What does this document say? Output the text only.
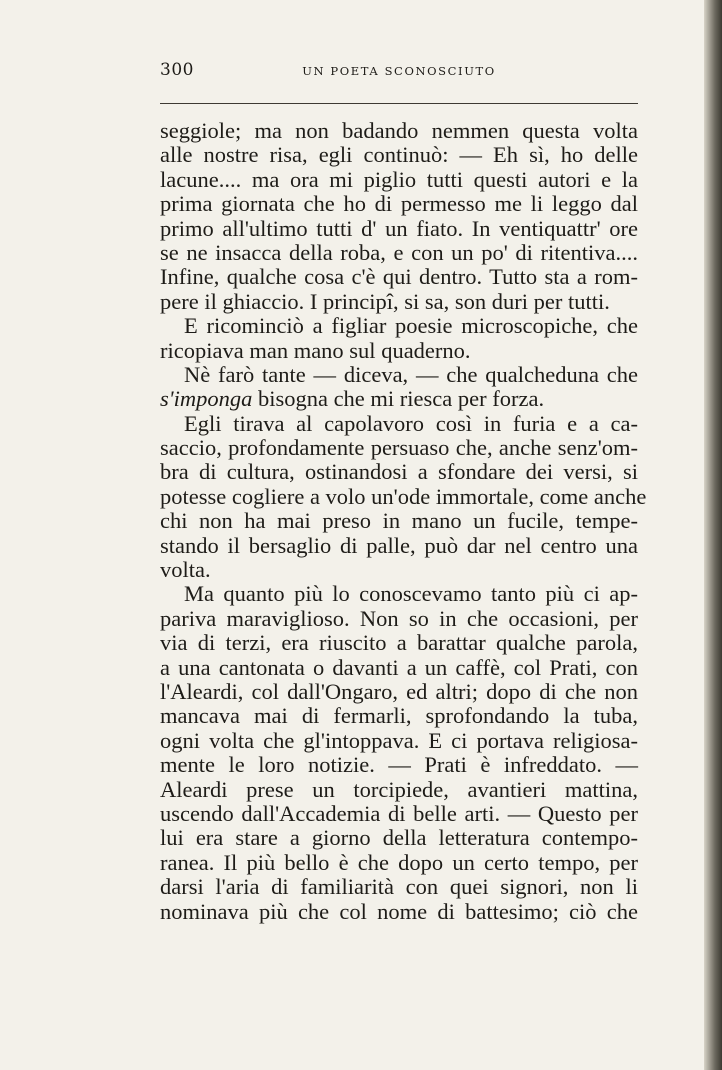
300	UN POETA SCONOSCIUTO
seggiole; ma non badando nemmen questa volta
alle nostre risa, egli continuò: — Eh sì, ho delle
lacune.... ma ora mi piglio tutti questi autori e la
prima giornata che ho di permesso me li leggo dal
primo all'ultimo tutti d' un fiato. In ventiquattr' ore
se ne insacca della roba, e con un po' di ritentiva....
Infine, qualche cosa c'è qui dentro. Tutto sta a rom-
pere il ghiaccio. I principî, si sa, son duri per tutti.
E ricominciò a figliar poesie microscopiche, che
ricopiava man mano sul quaderno.
Nè farò tante — diceva, — che qualcheduna che
s'imponga bisogna che mi riesca per forza.
Egli tirava al capolavoro così in furia e a ca-
saccio, profondamente persuaso che, anche senz'om-
bra di cultura, ostinandosi a sfondare dei versi, si
potesse cogliere a volo un'ode immortale, come anche
chi non ha mai preso in mano un fucile, tempe-
stando il bersaglio di palle, può dar nel centro una
volta.
Ma quanto più lo conoscevamo tanto più ci ap-
pariva maraviglioso. Non so in che occasioni, per
via di terzi, era riuscito a barattar qualche parola,
a una cantonata o davanti a un caffè, col Prati, con
l'Aleardi, col dall'Ongaro, ed altri; dopo di che non
mancava mai di fermarli, sprofondando la tuba,
ogni volta che gl'intoppava. E ci portava religiosa-
mente le loro notizie. — Prati è infreddato. —
Aleardi prese un torcipiede, avantieri mattina,
uscendo dall'Accademia di belle arti. — Questo per
lui era stare a giorno della letteratura contempo-
ranea. Il più bello è che dopo un certo tempo, per
darsi l'aria di familiarità con quei signori, non li
nominava più che col nome di battesimo; ciò che
